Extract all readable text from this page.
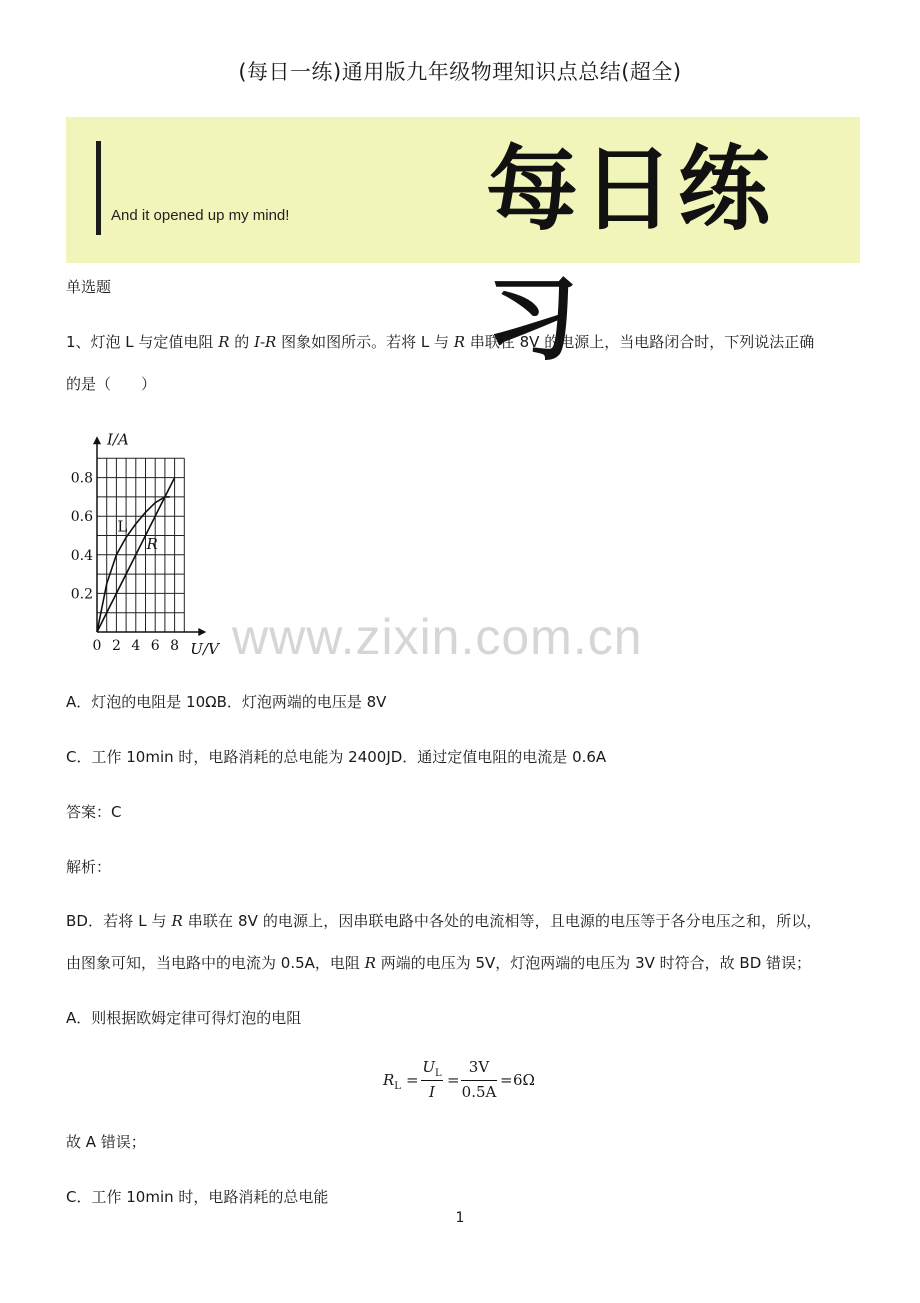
(每日一练)通用版九年级物理知识点总结(超全)
And it opened up my mind! 每日练习
单选题
1、灯泡 L 与定值电阻 R 的 I-R 图象如图所示。若将 L 与 R 串联在 8V 的电源上，当电路闭合时，下列说法正确
的是（　　）
I/A
U/V
0 2 4 6 8
0.2
0.4
0.6
0.8
L
R
www.zixin.com.cn
A．灯泡的电阻是 10ΩB．灯泡两端的电压是 8V
C．工作 10min 时，电路消耗的总电能为 2400JD．通过定值电阻的电流是 0.6A
答案：C
解析：
BD．若将 L 与 R 串联在 8V 的电源上，因串联电路中各处的电流相等，且电源的电压等于各分电压之和，所以，
由图象可知，当电路中的电流为 0.5A，电阻 R 两端的电压为 5V，灯泡两端的电压为 3V 时符合，故 BD 错误；
A．则根据欧姆定律可得灯泡的电阻
$R_L$ =
$U_L$
I
=
3V
0.5A
= 6Ω
故 A 错误；
C．工作 10min 时，电路消耗的总电能
1
